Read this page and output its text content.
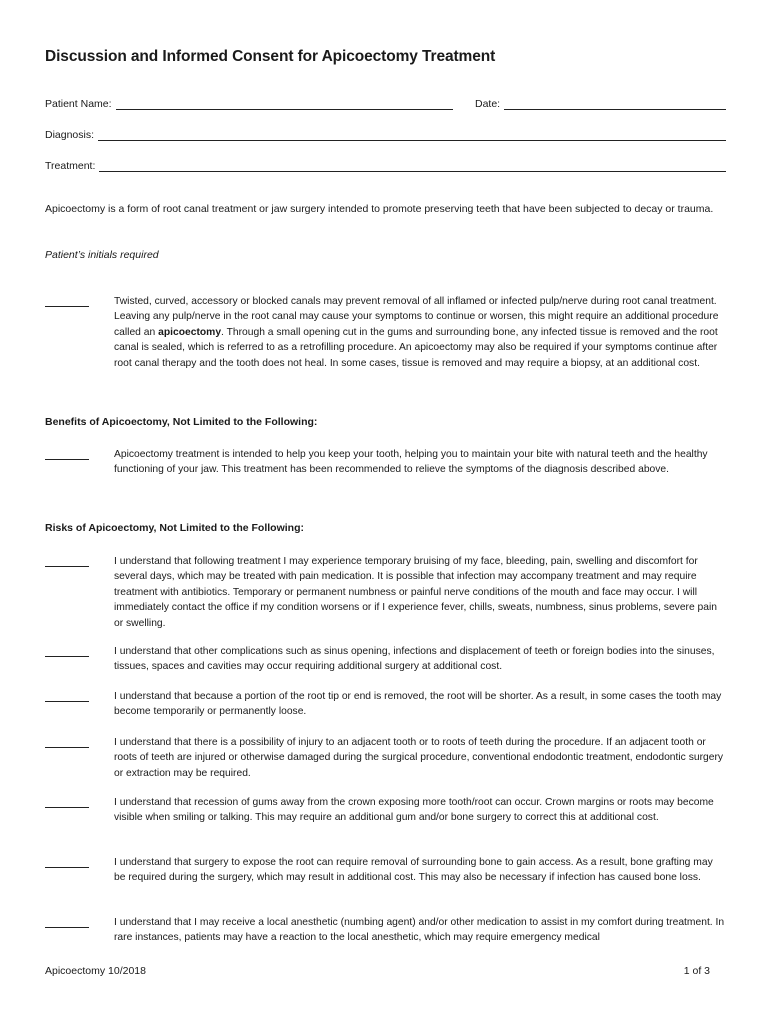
Discussion and Informed Consent for Apicoectomy Treatment
Patient Name:	Date:
Diagnosis:
Treatment:

Apicoectomy is a form of root canal treatment or jaw surgery intended to promote preserving teeth that have been subjected to decay or trauma.

Patient’s initials required

Twisted, curved, accessory or blocked canals may prevent removal of all inflamed or infected pulp/nerve during root canal treatment. Leaving any pulp/nerve in the root canal may cause your symptoms to continue or worsen, this might require an additional procedure called an apicoectomy. Through a small opening cut in the gums and surrounding bone, any infected tissue is removed and the root canal is sealed, which is referred to as a retrofilling procedure. An apicoectomy may also be required if your symptoms continue after root canal therapy and the tooth does not heal. In some cases, tissue is removed and may require a biopsy, at an additional cost.

Benefits of Apicoectomy, Not Limited to the Following:

Apicoectomy treatment is intended to help you keep your tooth, helping you to maintain your bite with natural teeth and the healthy functioning of your jaw. This treatment has been recommended to relieve the symptoms of the diagnosis described above.

Risks of Apicoectomy, Not Limited to the Following:

I understand that following treatment I may experience temporary bruising of my face, bleeding, pain, swelling and discomfort for several days, which may be treated with pain medication. It is possible that infection may accompany treatment and may require treatment with antibiotics. Temporary or permanent numbness or painful nerve conditions of the mouth and face may occur. I will immediately contact the office if my condition worsens or if I experience fever, chills, sweats, numbness, sinus problems, severe pain or swelling.

I understand that other complications such as sinus opening, infections and displacement of teeth or foreign bodies into the sinuses, tissues, spaces and cavities may occur requiring additional surgery at additional cost.

I understand that because a portion of the root tip or end is removed, the root will be shorter. As a result, in some cases the tooth may become temporarily or permanently loose.

I understand that there is a possibility of injury to an adjacent tooth or to roots of teeth during the procedure. If an adjacent tooth or roots of teeth are injured or otherwise damaged during the surgical procedure, conventional endodontic treatment, endodontic surgery or extraction may be required.

I understand that recession of gums away from the crown exposing more tooth/root can occur. Crown margins or roots may become visible when smiling or talking. This may require an additional gum and/or bone surgery to correct this at additional cost.

I understand that surgery to expose the root can require removal of surrounding bone to gain access. As a result, bone grafting may be required during the surgery, which may result in additional cost. This may also be necessary if infection has caused bone loss.

I understand that I may receive a local anesthetic (numbing agent) and/or other medication to assist in my comfort during treatment. In rare instances, patients may have a reaction to the local anesthetic, which may require emergency medical

Apicoectomy 10/2018	1 of 3
